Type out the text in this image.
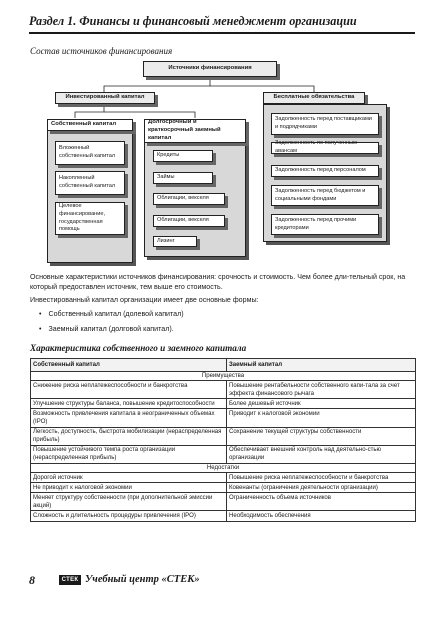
Раздел 1. Финансы и финансовый менеджмент организации
Состав источников финансирования
Источники финансирования
Инвестированный капитал	Бесплатные обязательства
Собственный капитал
Вложенный собственный капитал
Накопленный собственный капитал
Целевое финансирование, государственная помощь
Долгосрочный и краткосрочный заемный капитал
Кредиты
Займы
Облигации, векселя
Облигации, векселя
Лизинг
Задолженность перед поставщиками и подрядчиками
Задолженность по полученным авансам
Задолженность перед персоналом
Задолженность перед бюджетом и социальными фондами
Задолженность перед прочими кредиторами
Основные характеристики источников финансирования: срочность и стоимость. Чем более дли-тельный срок, на который предоставлен источник, тем выше его стоимость.
Инвестированный капитал организации имеет две основные формы:
• Собственный капитал (долевой капитал)
• Заемный капитал (долговой капитал).
Характеристика собственного и заемного капитала
Собственный капитал	Заемный капитал
Преимущества	
Снижение риска неплатежеспособности и банкротства	Повышение рентабельности собственного капи-тала за счет эффекта финансового рычага
Улучшение структуры баланса, повышение кредитоспособности	Более дешевый источник
Возможность привлечения капитала в неограниченных объемах (IPO)	Приводит к налоговой экономии
Легкость, доступность, быстрота мобилизации (нераспределенная прибыль)	Сохранение текущей структуры собственности
Повышение устойчивого темпа роста организации (нераспределенная прибыль)	Обеспечивает внешний контроль над деятельно-стью организации
Недостатки	
Дорогой источник	Повышение риска неплатежеспособности и банкротства
Не приводит к налоговой экономии	Ковенанты (ограничения деятельности организации)
Меняет структуру собственности (при дополнительной эмиссии акций)	Ограниченность объема источников
Сложность и длительность процедуры привлечения (IPO)	Необходимость обеспечения
8	СТЕК Учебный центр «СТЕК»
